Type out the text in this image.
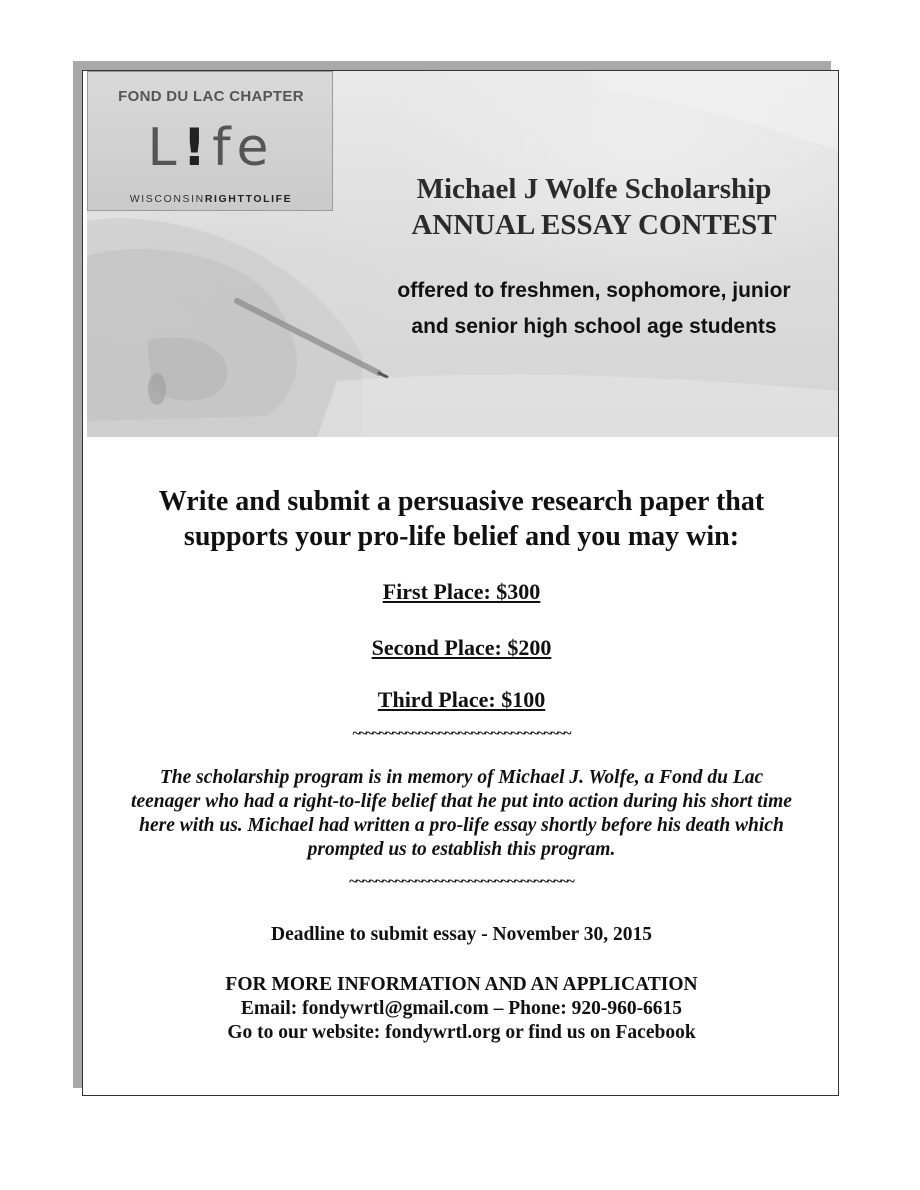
FOND DU LAC CHAPTER
L!fe
WISCONSINRIGHTTOLIFE	Michael J Wolfe Scholarship
ANNUAL ESSAY CONTEST
offered to freshmen, sophomore, junior
and senior high school age students
Write and submit a persuasive research paper that
supports your pro-life belief and you may win:
First Place: $300
Second Place: $200
Third Place: $100
~~~~~~~~~~~~~~~~~~~~~~~~~~~~~~~~~
The scholarship program is in memory of Michael J. Wolfe, a Fond du Lac
teenager who had a right-to-life belief that he put into action during his short time
here with us. Michael had written a pro-life essay shortly before his death which
prompted us to establish this program.
~~~~~~~~~~~~~~~~~~~~~~~~~~~~~~~~~~
Deadline to submit essay - November 30, 2015
FOR MORE INFORMATION AND AN APPLICATION
Email: fondywrtl@gmail.com – Phone: 920-960-6615
Go to our website: fondywrtl.org or find us on Facebook
